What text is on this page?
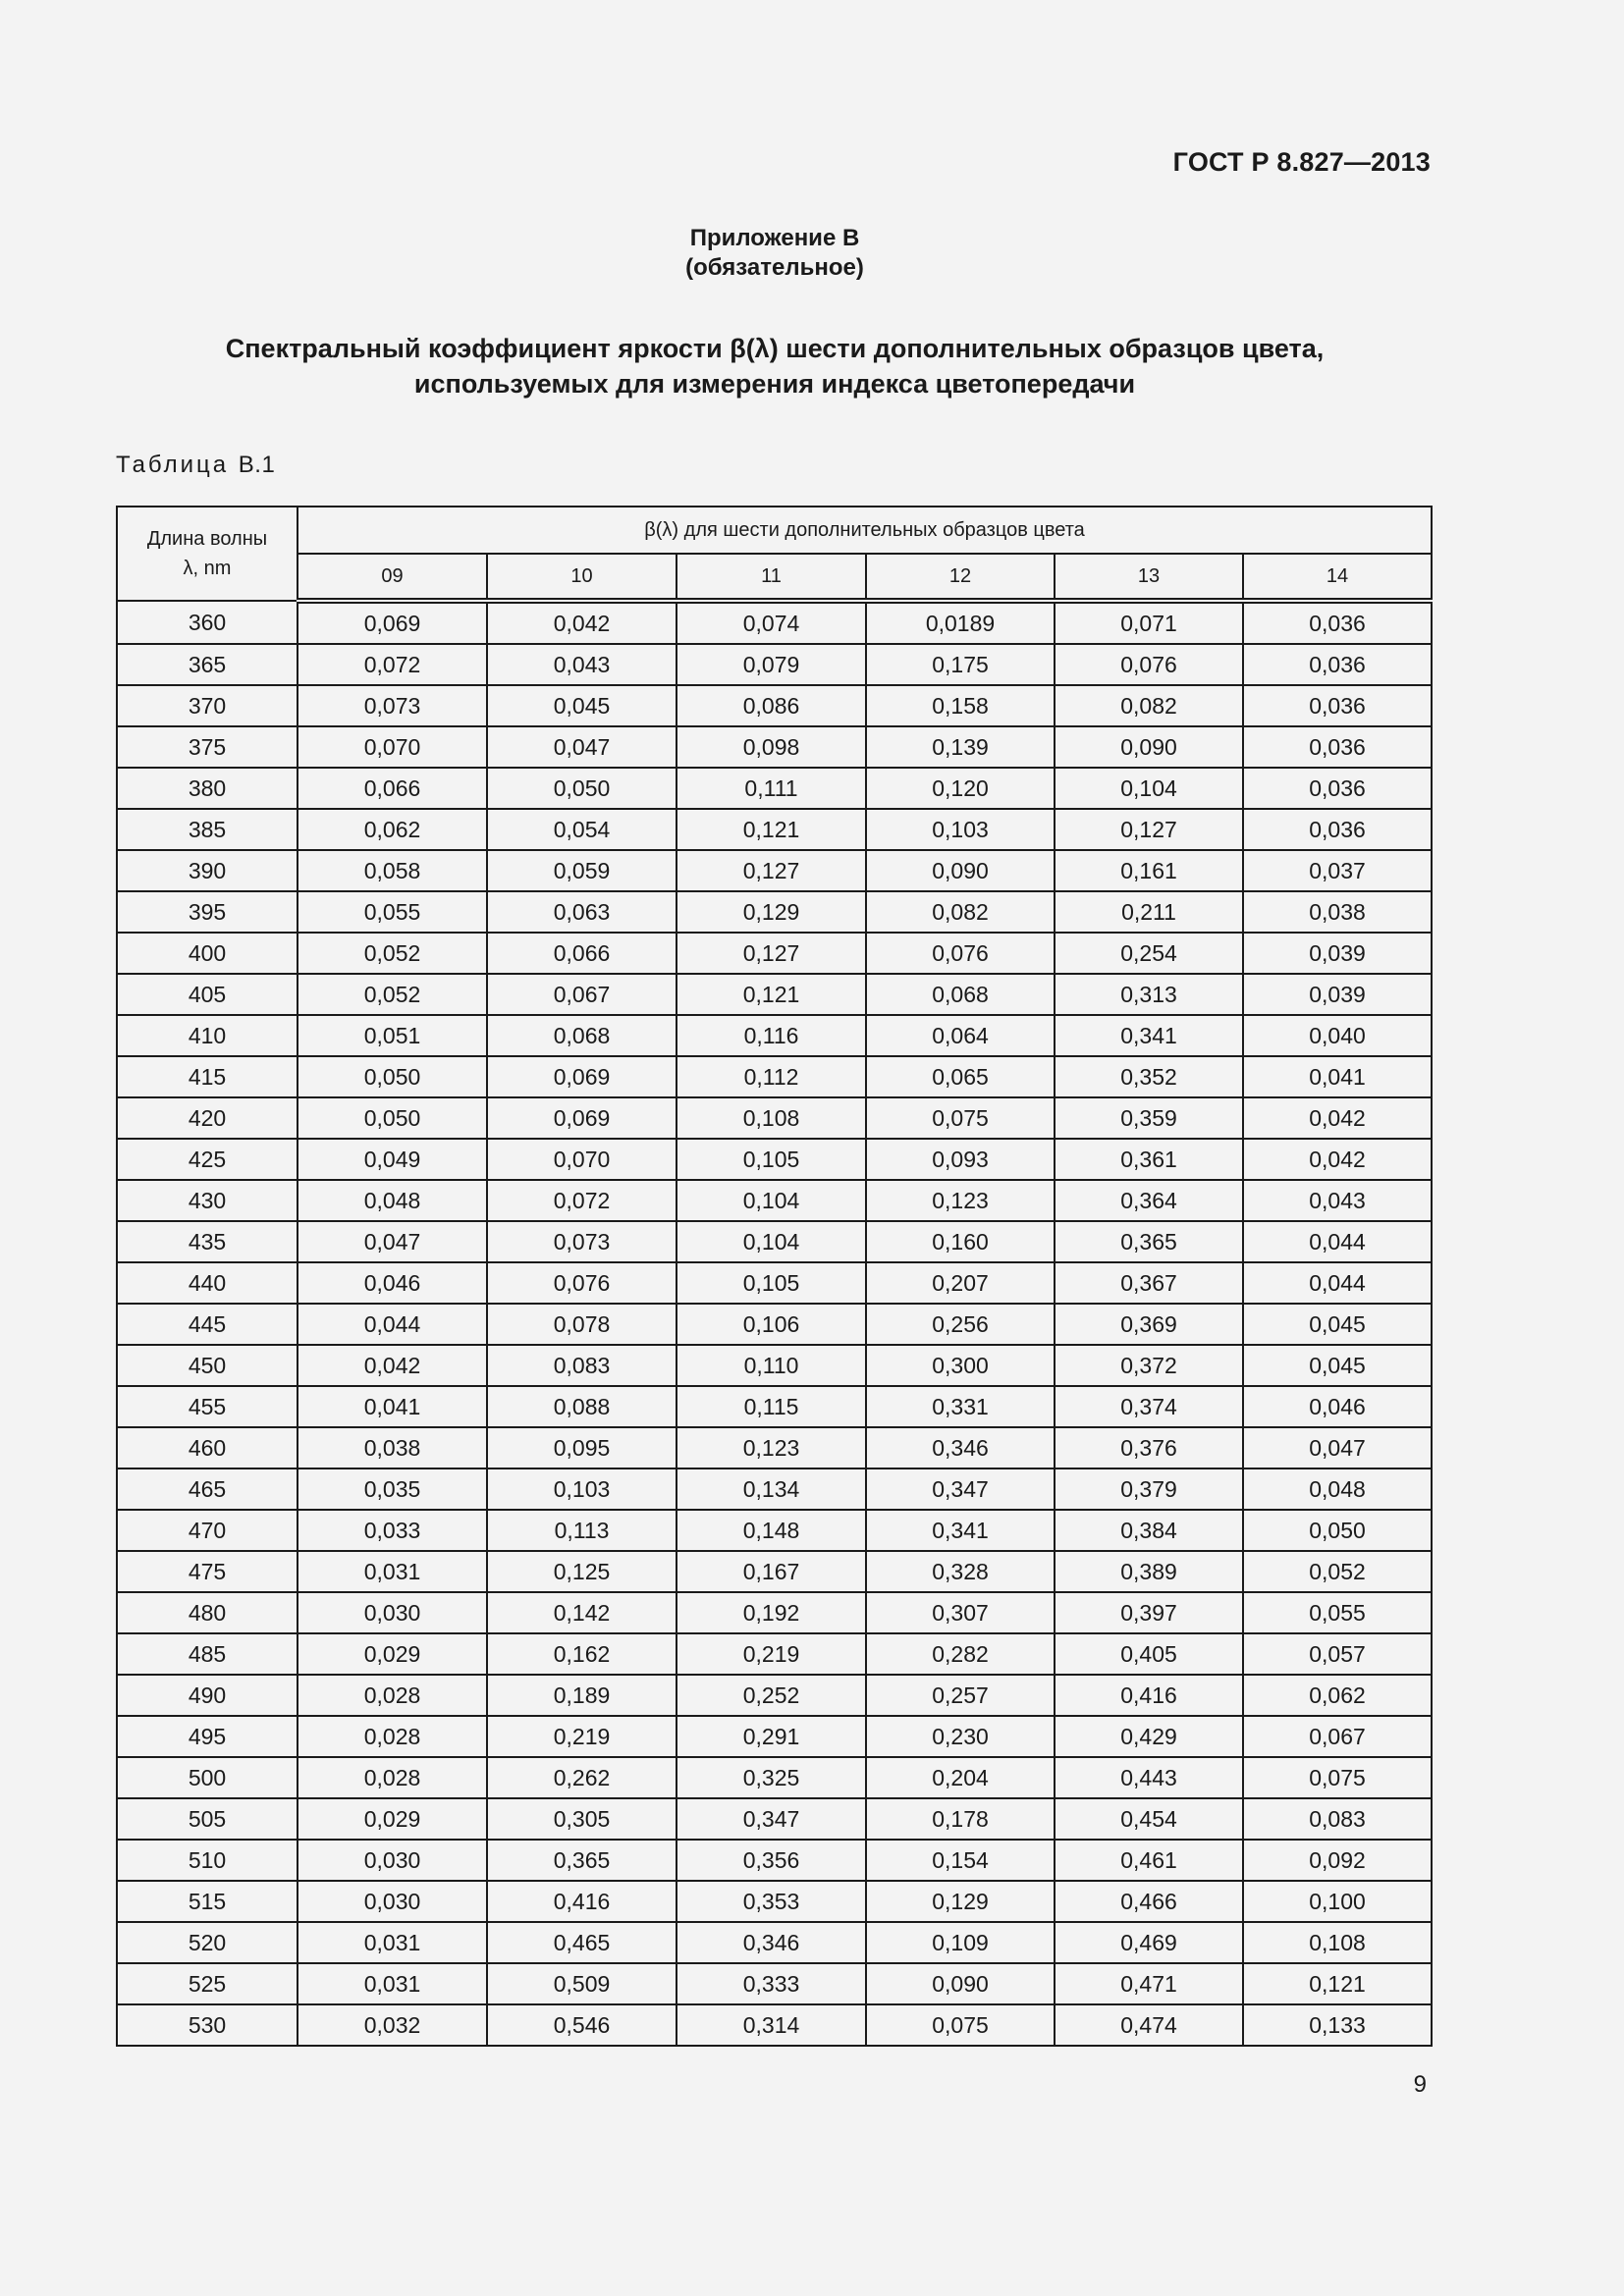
ГОСТ Р 8.827—2013
Приложение В
(обязательное)
Спектральный коэффициент яркости β(λ) шести дополнительных образцов цвета,
используемых для измерения индекса цветопередачи
Таблица В.1
Длина волны
λ, nm	β(λ) для шести дополнительных образцов цвета					
	09	10	11	12	13	14
360	0,069	0,042	0,074	0,0189	0,071	0,036
365	0,072	0,043	0,079	0,175	0,076	0,036
370	0,073	0,045	0,086	0,158	0,082	0,036
375	0,070	0,047	0,098	0,139	0,090	0,036
380	0,066	0,050	0,111	0,120	0,104	0,036
385	0,062	0,054	0,121	0,103	0,127	0,036
390	0,058	0,059	0,127	0,090	0,161	0,037
395	0,055	0,063	0,129	0,082	0,211	0,038
400	0,052	0,066	0,127	0,076	0,254	0,039
405	0,052	0,067	0,121	0,068	0,313	0,039
410	0,051	0,068	0,116	0,064	0,341	0,040
415	0,050	0,069	0,112	0,065	0,352	0,041
420	0,050	0,069	0,108	0,075	0,359	0,042
425	0,049	0,070	0,105	0,093	0,361	0,042
430	0,048	0,072	0,104	0,123	0,364	0,043
435	0,047	0,073	0,104	0,160	0,365	0,044
440	0,046	0,076	0,105	0,207	0,367	0,044
445	0,044	0,078	0,106	0,256	0,369	0,045
450	0,042	0,083	0,110	0,300	0,372	0,045
455	0,041	0,088	0,115	0,331	0,374	0,046
460	0,038	0,095	0,123	0,346	0,376	0,047
465	0,035	0,103	0,134	0,347	0,379	0,048
470	0,033	0,113	0,148	0,341	0,384	0,050
475	0,031	0,125	0,167	0,328	0,389	0,052
480	0,030	0,142	0,192	0,307	0,397	0,055
485	0,029	0,162	0,219	0,282	0,405	0,057
490	0,028	0,189	0,252	0,257	0,416	0,062
495	0,028	0,219	0,291	0,230	0,429	0,067
500	0,028	0,262	0,325	0,204	0,443	0,075
505	0,029	0,305	0,347	0,178	0,454	0,083
510	0,030	0,365	0,356	0,154	0,461	0,092
515	0,030	0,416	0,353	0,129	0,466	0,100
520	0,031	0,465	0,346	0,109	0,469	0,108
525	0,031	0,509	0,333	0,090	0,471	0,121
530	0,032	0,546	0,314	0,075	0,474	0,133
9
